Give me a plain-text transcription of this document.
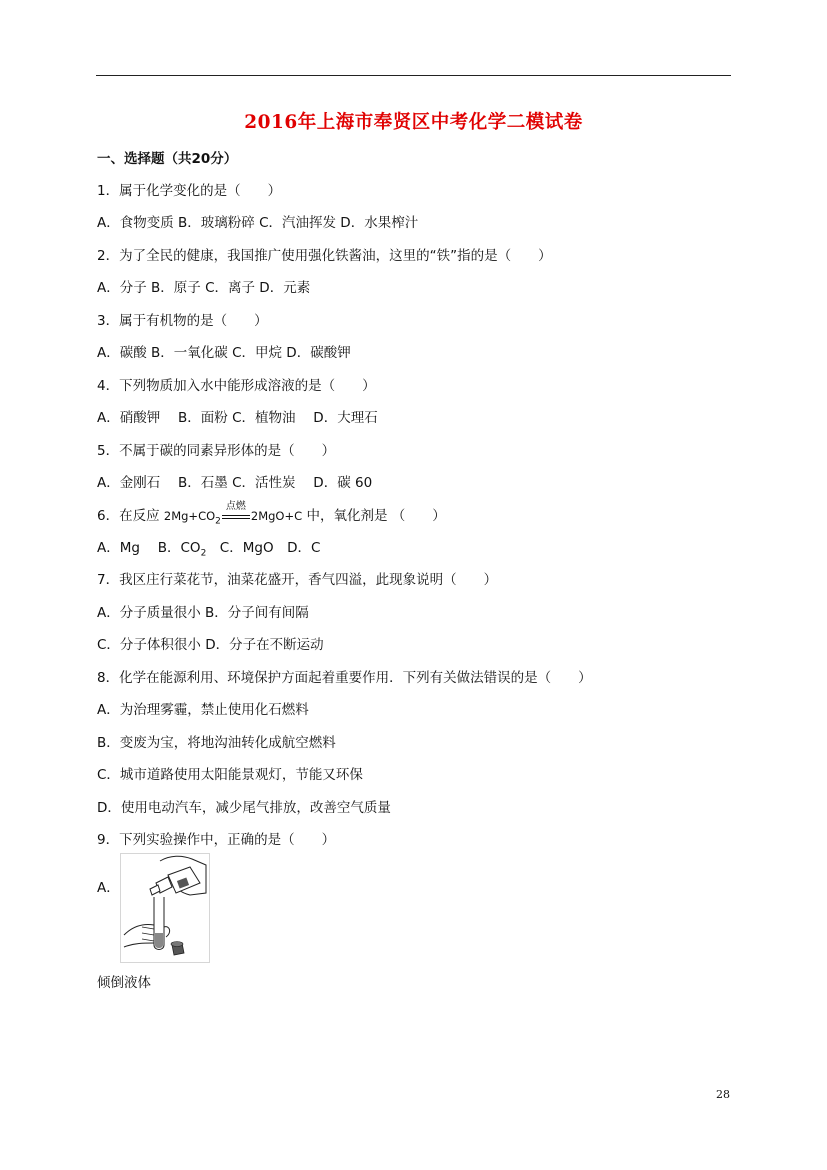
2016年上海市奉贤区中考化学二模试卷
一、选择题（共20分）
1．属于化学变化的是（　　）
A．食物变质 B．玻璃粉碎 C．汽油挥发 D．水果榨汁
2．为了全民的健康，我国推广使用强化铁酱油，这里的“铁”指的是（　　）
A．分子 B．原子 C．离子 D．元素
3．属于有机物的是（　　）
A．碳酸 B．一氧化碳 C．甲烷 D．碳酸钾
4．下列物质加入水中能形成溶液的是（　　）
A．硝酸钾　 B．面粉 C．植物油　 D．大理石
5．不属于碳的同素异形体的是（　　）
A．金刚石　 B．石墨 C．活性炭　 D．碳 60
6．在反应 $2Mg+CO_2$
点燃
2MgO+C 中，氧化剂是 （　　）
A．Mg　 B．$CO_2$　C．MgO　D．C
7．我区庄行菜花节，油菜花盛开，香气四溢，此现象说明（　　）
A．分子质量很小 B．分子间有间隔
C．分子体积很小 D．分子在不断运动
8．化学在能源利用、环境保护方面起着重要作用．下列有关做法错误的是（　　）
A．为治理雾霾，禁止使用化石燃料
B．变废为宝，将地沟油转化成航空燃料
C．城市道路使用太阳能景观灯，节能又环保
D．使用电动汽车，减少尾气排放，改善空气质量
9．下列实验操作中，正确的是（　　）
A．
倾倒液体
28
